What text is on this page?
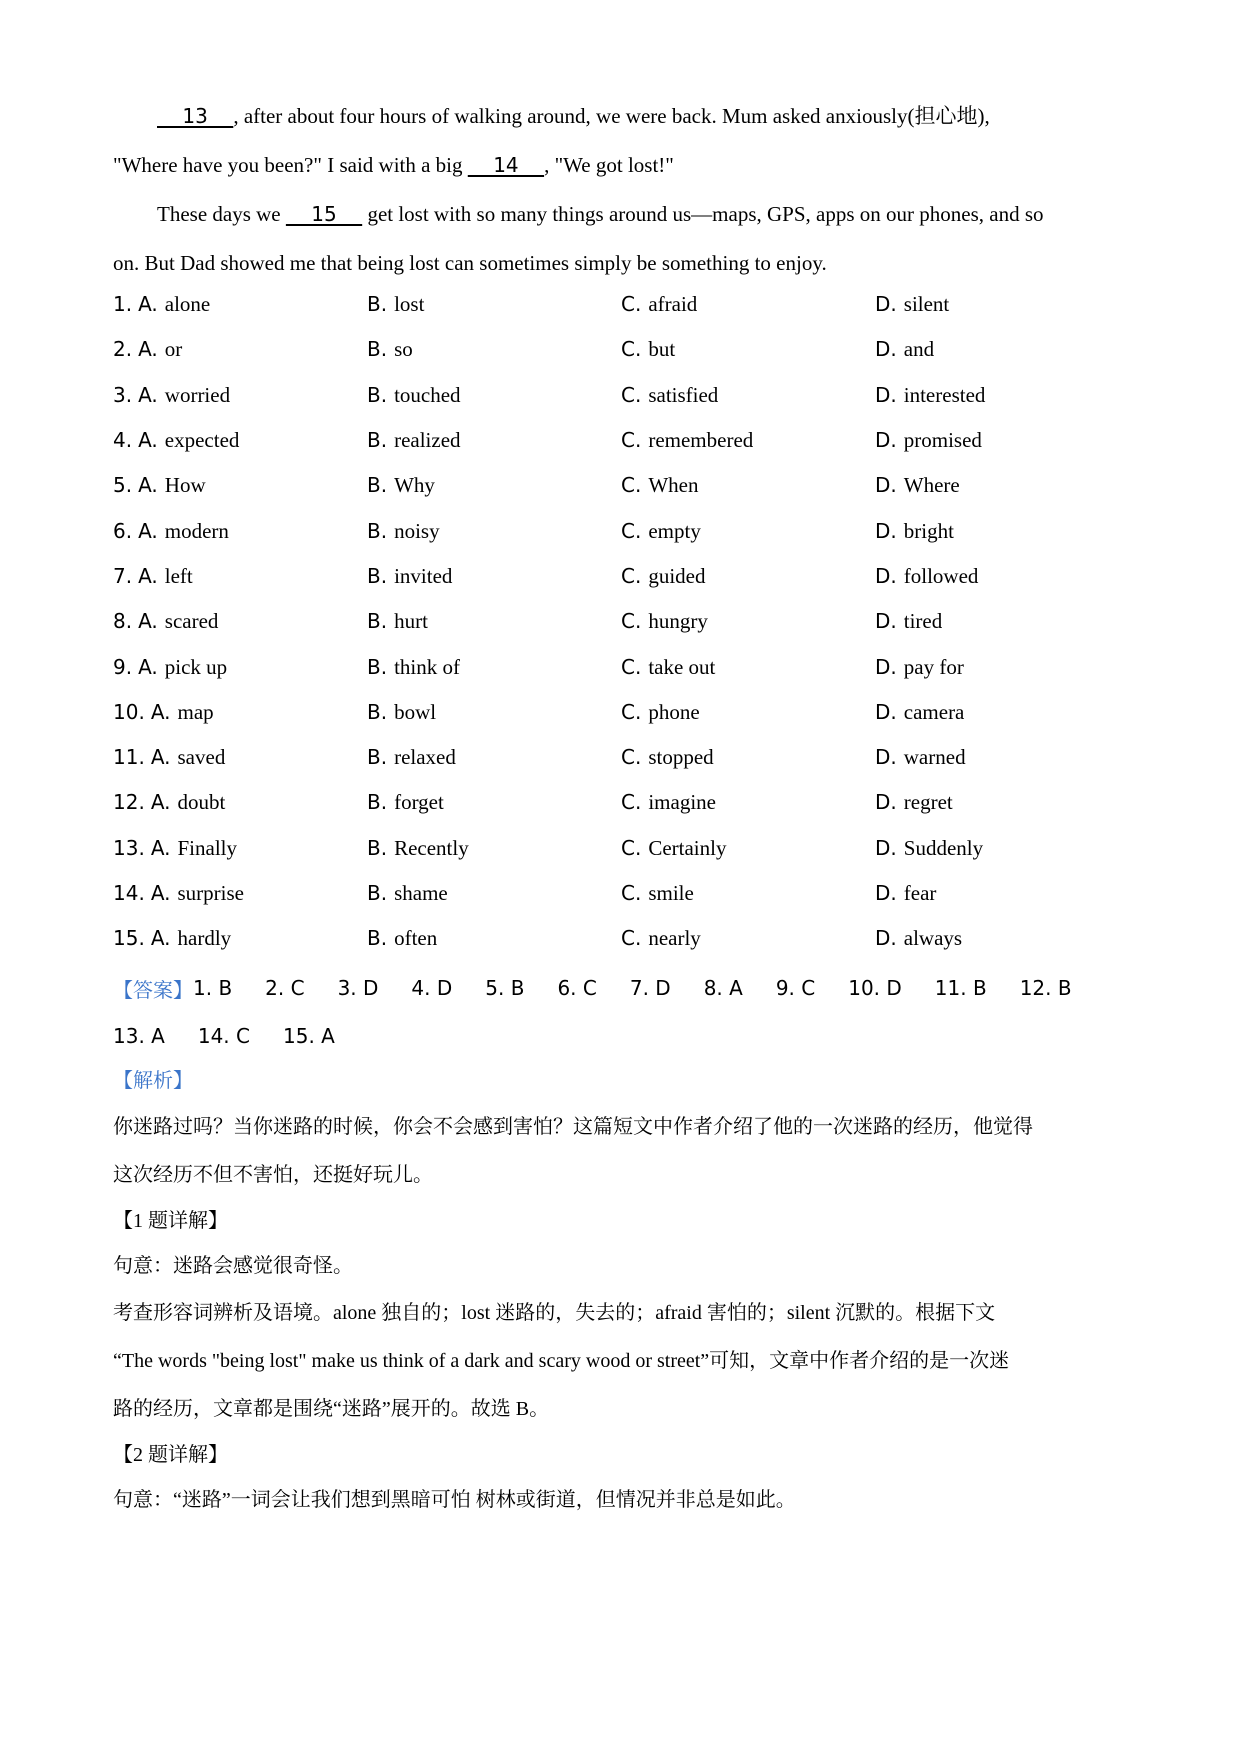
13    , after about four hours of walking around, we were back. Mum asked anxiously(担心地),

"Where have you been?" I said with a big     14    , "We got lost!"

These days we     15     get lost with so many things around us—maps, GPS, apps on our phones, and so

on. But Dad showed me that being lost can sometimes simply be something to enjoy.

1. A. alone	B. lost	C. afraid	D. silent
2. A. or	B. so	C. but	D. and
3. A. worried	B. touched	C. satisfied	D. interested
4. A. expected	B. realized	C. remembered	D. promised
5. A. How	B. Why	C. When	D. Where
6. A. modern	B. noisy	C. empty	D. bright
7. A. left	B. invited	C. guided	D. followed
8. A. scared	B. hurt	C. hungry	D. tired
9. A. pick up	B. think of	C. take out	D. pay for
10. A. map	B. bowl	C. phone	D. camera
11. A. saved	B. relaxed	C. stopped	D. warned
12. A. doubt	B. forget	C. imagine	D. regret
13. A. Finally	B. Recently	C. Certainly	D. Suddenly
14. A. surprise	B. shame	C. smile	D. fear
15. A. hardly	B. often	C. nearly	D. always
【答案】 1. B 2. C 3. D 4. D 5. B 6. C 7. D 8. A 9. C 10. D 11. B 12. B
13. A 14. C 15. A

【解析】

你迷路过吗？当你迷路的时候，你会不会感到害怕？这篇短文中作者介绍了他的一次迷路的经历，他觉得

这次经历不但不害怕，还挺好玩儿。

【1 题详解】

句意：迷路会感觉很奇怪。

考查形容词辨析及语境。alone 独自的；lost 迷路的，失去的；afraid 害怕的；silent 沉默的。根据下文

“The words "being lost" make us think of a dark and scary wood or street”可知，文章中作者介绍的是一次迷

路的经历，文章都是围绕“迷路”展开的。故选 B。

【2 题详解】

句意：“迷路”一词会让我们想到黑暗可怕 树林或街道，但情况并非总是如此。
